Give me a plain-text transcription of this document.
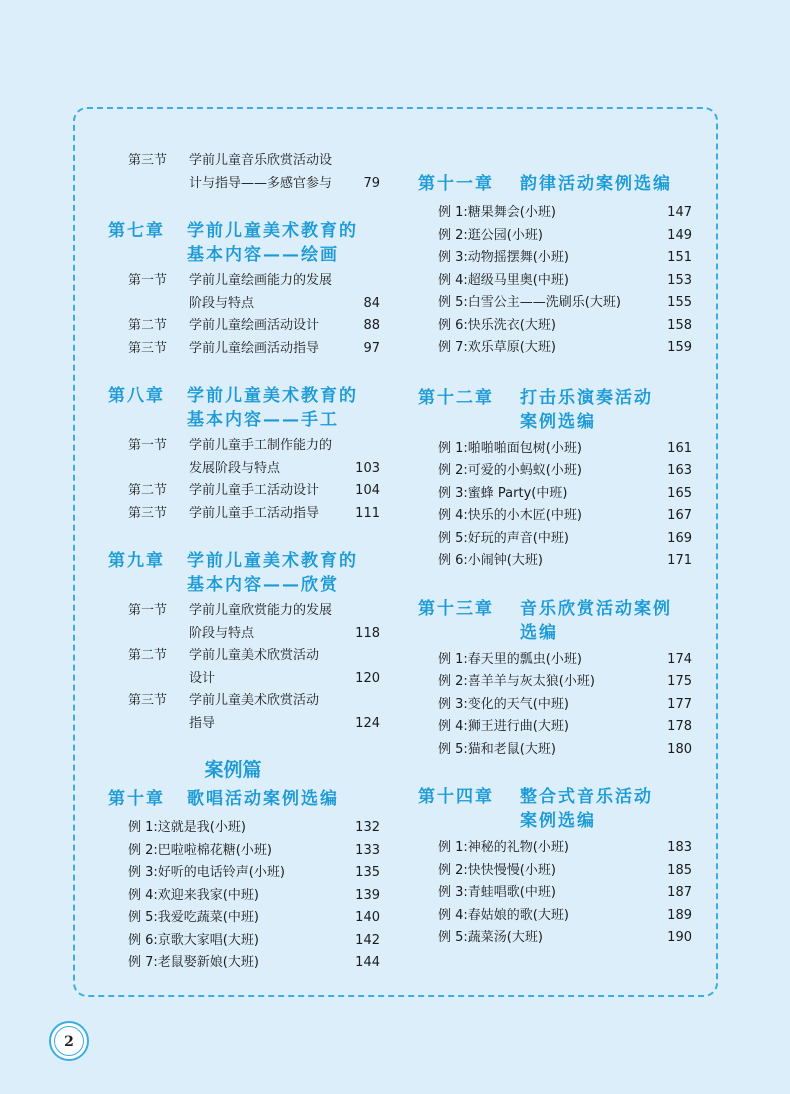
第三节 学前儿童音乐欣赏活动设
计与指导——多感官参与	79
第七章 学前儿童美术教育的
基本内容——绘画
第一节 学前儿童绘画能力的发展
阶段与特点	84
第二节 学前儿童绘画活动设计	88
第三节 学前儿童绘画活动指导	97
第八章 学前儿童美术教育的
基本内容——手工
第一节 学前儿童手工制作能力的
发展阶段与特点	103
第二节 学前儿童手工活动设计	104
第三节 学前儿童手工活动指导	111
第九章 学前儿童美术教育的
基本内容——欣赏
第一节 学前儿童欣赏能力的发展
阶段与特点	118
第二节 学前儿童美术欣赏活动
设计	120
第三节 学前儿童美术欣赏活动
指导	124
案例篇
第十章 歌唱活动案例选编
例 1:这就是我(小班)	132
例 2:巴啦啦棉花糖(小班)	133
例 3:好听的电话铃声(小班)	135
例 4:欢迎来我家(中班)	139
例 5:我爱吃蔬菜(中班)	140
例 6:京歌大家唱(大班)	142
例 7:老鼠娶新娘(大班)	144
第十一章 韵律活动案例选编
例 1:糖果舞会(小班)	147
例 2:逛公园(小班)	149
例 3:动物摇摆舞(小班)	151
例 4:超级马里奥(中班)	153
例 5:白雪公主——洗刷乐(大班)	155
例 6:快乐洗衣(大班)	158
例 7:欢乐草原(大班)	159
第十二章 打击乐演奏活动
案例选编
例 1:啪啪啪面包树(小班)	161
例 2:可爱的小蚂蚁(小班)	163
例 3:蜜蜂 Party(中班)	165
例 4:快乐的小木匠(中班)	167
例 5:好玩的声音(中班)	169
例 6:小闹钟(大班)	171
第十三章 音乐欣赏活动案例
选编
例 1:春天里的瓢虫(小班)	174
例 2:喜羊羊与灰太狼(小班)	175
例 3:变化的天气(中班)	177
例 4:狮王进行曲(大班)	178
例 5:猫和老鼠(大班)	180
第十四章 整合式音乐活动
案例选编
例 1:神秘的礼物(小班)	183
例 2:快快慢慢(小班)	185
例 3:青蛙唱歌(中班)	187
例 4:春姑娘的歌(大班)	189
例 5:蔬菜汤(大班)	190
2
